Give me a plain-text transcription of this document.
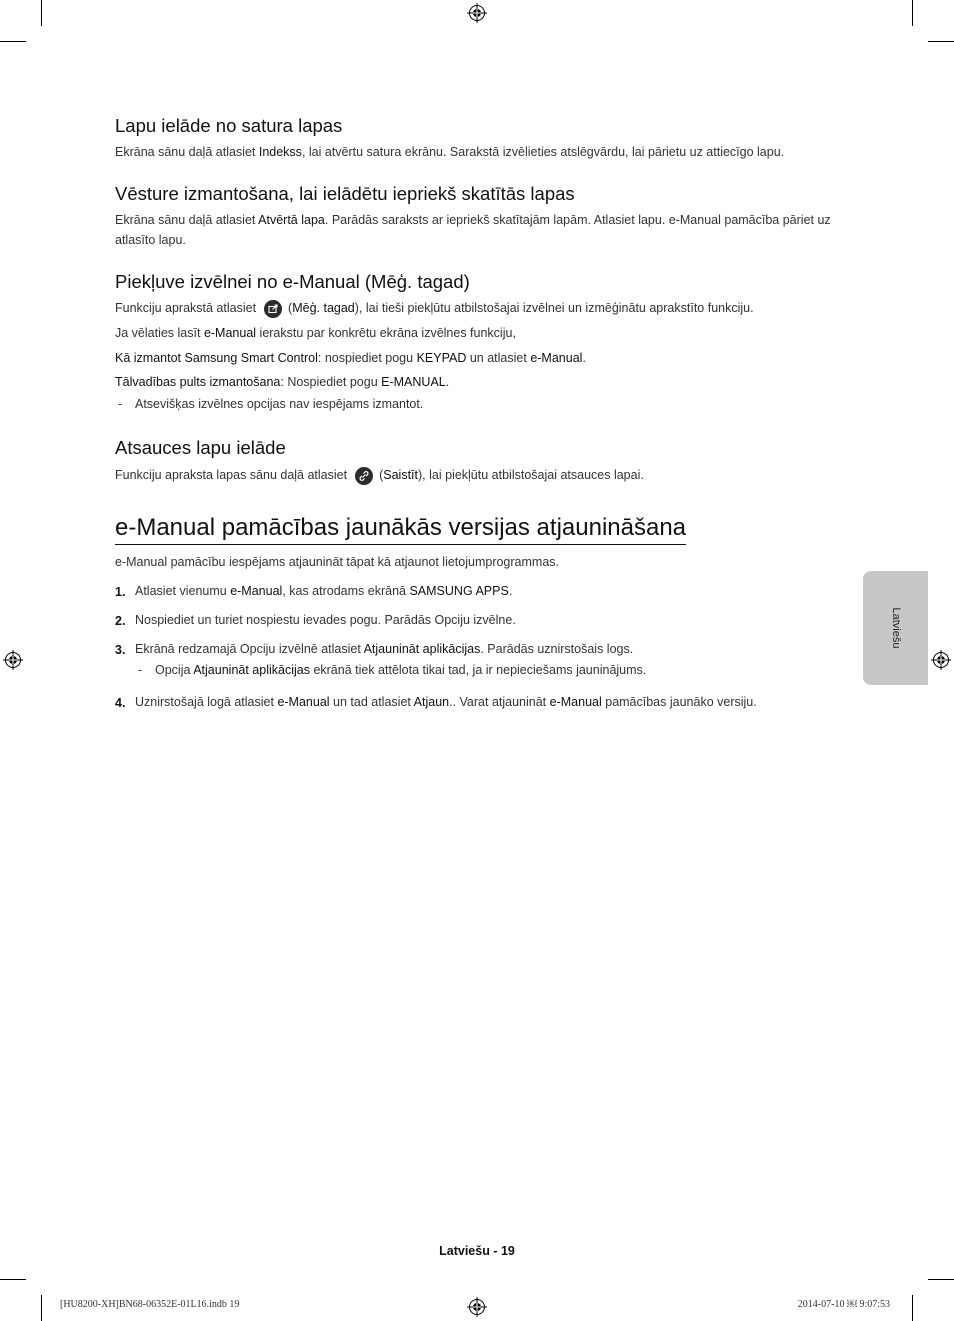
Lapu ielāde no satura lapas
Ekrāna sānu daļā atlasiet Indekss, lai atvērtu satura ekrānu. Sarakstā izvēlieties atslēgvārdu, lai pārietu uz attiecīgo lapu.
Vēsture izmantošana, lai ielādētu iepriekš skatītās lapas
Ekrāna sānu daļā atlasiet Atvērtā lapa. Parādās saraksts ar iepriekš skatītajām lapām. Atlasiet lapu. e-Manual pamācība pāriet uz atlasīto lapu.
Piekļuve izvēlnei no e-Manual (Mēģ. tagad)
Funkciju aprakstā atlasiet	(Mēģ. tagad), lai tieši piekļūtu atbilstošajai izvēlnei un izmēģinātu aprakstīto funkciju.
Ja vēlaties lasīt e-Manual ierakstu par konkrētu ekrāna izvēlnes funkciju,
Kā izmantot Samsung Smart Control: nospiediet pogu KEYPAD un atlasiet e-Manual.
Tālvadības pults izmantošana: Nospiediet pogu E-MANUAL.
- Atsevišķas izvēlnes opcijas nav iespējams izmantot.
Atsauces lapu ielāde
Funkciju apraksta lapas sānu daļā atlasiet	(Saistīt), lai piekļūtu atbilstošajai atsauces lapai.
e-Manual pamācības jaunākās versijas atjaunināšana
e-Manual pamācību iespējams atjaunināt tāpat kā atjaunot lietojumprogrammas.
1. Atlasiet vienumu e-Manual, kas atrodams ekrānā SAMSUNG APPS.
2. Nospiediet un turiet nospiestu ievades pogu. Parādās Opciju izvēlne.
3. Ekrānā redzamajā Opciju izvēlnē atlasiet Atjaunināt aplikācijas. Parādās uznirstošais logs.
- Opcija Atjaunināt aplikācijas ekrānā tiek attēlota tikai tad, ja ir nepieciešams jauninājums.
4. Uznirstošajā logā atlasiet e-Manual un tad atlasiet Atjaun.. Varat atjaunināt e-Manual pamācības jaunāko versiju.
Latviešu
Latviešu - 19
[HU8200-XH]BN68-06352E-01L16.indb 19	2014-07-10 ￼ 9:07:53
